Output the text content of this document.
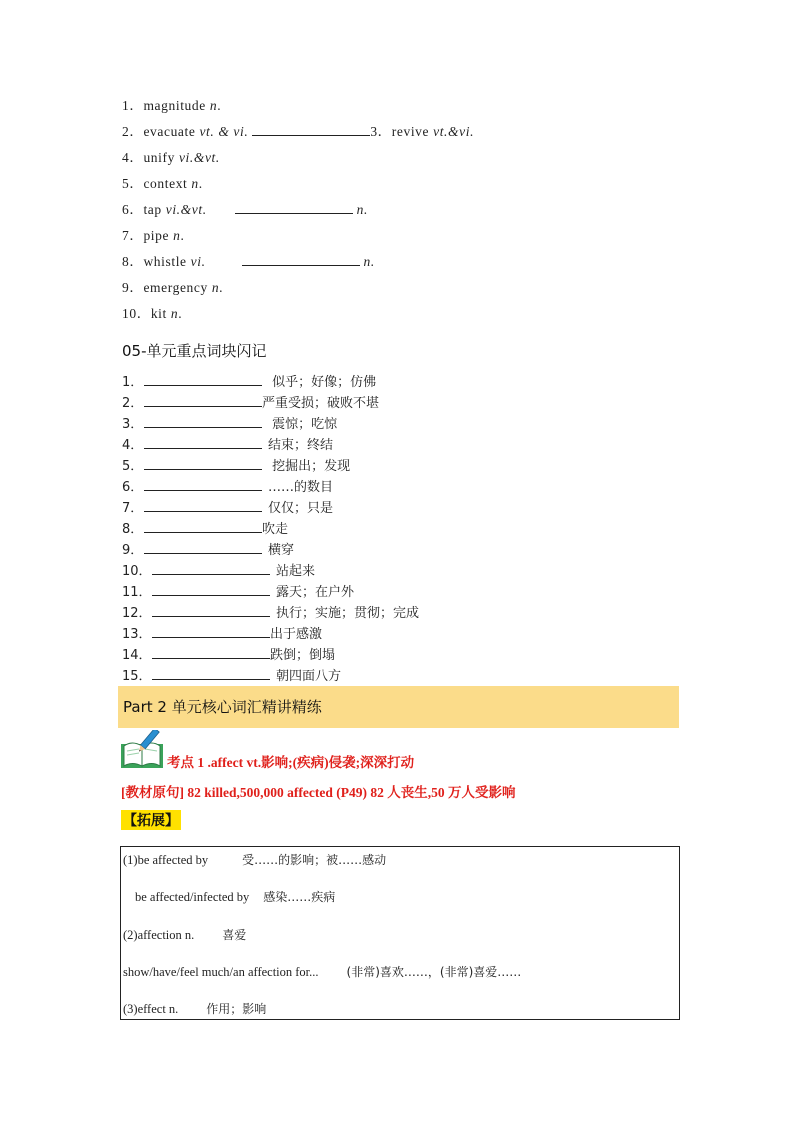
1．magnitude n.
2．evacuate vt. & vi.	3．revive vt.&vi.
4．unify vi.&vt.
5．context n.
6．tap vi.&vt.	n.
7．pipe n.
8．whistle vi.	n.
9．emergency n.
10．kit n.
05-单元重点词块闪记
1．	似乎；好像；仿佛
2．	严重受损；破败不堪
3．	震惊；吃惊
4．	结束；终结
5．	挖掘出；发现
6．	……的数目
7．	仅仅；只是
8．	吹走
9．	横穿
10．	站起来
11．	露天；在户外
12．	执行；实施；贯彻；完成
13．	出于感激
14．	跌倒；倒塌
15．	朝四面八方
Part 2 单元核心词汇精讲精练
考点 1 .affect vt.影响;(疾病)侵袭;深深打动
[教材原句] 82 killed,500,000 affected (P49) 82 人丧生,50 万人受影响
【拓展】
(1)be affected by	受……的影响；被……感动
be affected/infected by 感染……疾病
(2)affection n. 喜爱
show/have/feel much/an affection for... (非常)喜欢……，(非常)喜爱……
(3)effect n. 作用；影响
